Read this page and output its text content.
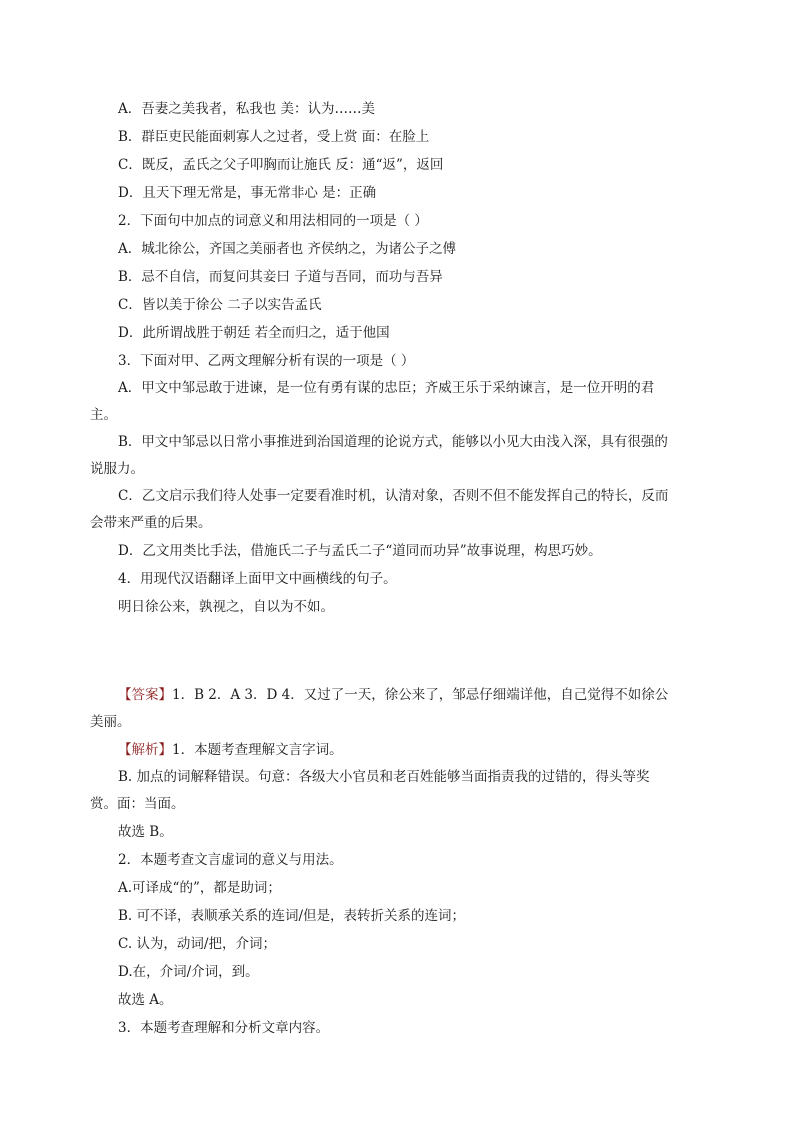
A．吾妻之美我者，私我也 美：认为……美
B．群臣吏民能面刺寡人之过者，受上赏 面：在脸上
C．既反，孟氏之父子叩胸而让施氏 反：通“返”，返回
D．且天下理无常是，事无常非心 是：正确
2．下面句中加点的词意义和用法相同的一项是（ ）
A．城北徐公，齐国之美丽者也 齐侯纳之，为诸公子之傅
B．忌不自信，而复问其妾曰 子道与吾同，而功与吾异
C．皆以美于徐公 二子以实告孟氏
D．此所谓战胜于朝廷 若全而归之，适于他国
3．下面对甲、乙两文理解分析有误的一项是（ ）
A．甲文中邹忌敢于进谏，是一位有勇有谋的忠臣；齐威王乐于采纳谏言，是一位开明的君主。
B．甲文中邹忌以日常小事推进到治国道理的论说方式，能够以小见大由浅入深，具有很强的说服力。
C．乙文启示我们待人处事一定要看准时机，认清对象，否则不但不能发挥自己的特长，反而会带来严重的后果。
D．乙文用类比手法，借施氏二子与孟氏二子“道同而功异”故事说理，构思巧妙。
4．用现代汉语翻译上面甲文中画横线的句子。
明日徐公来，孰视之，自以为不如。
【答案】1．B 2．A 3．D 4．又过了一天，徐公来了，邹忌仔细端详他，自己觉得不如徐公美丽。
【解析】1．本题考查理解文言字词。
B. 加点的词解释错误。句意：各级大小官员和老百姓能够当面指责我的过错的，得头等奖赏。面：当面。
故选 B。
2．本题考查文言虚词的意义与用法。
A.可译成“的”，都是助词；
B. 可不译，表顺承关系的连词/但是，表转折关系的连词；
C. 认为，动词/把，介词；
D.在，介词/介词，到。
故选 A。
3．本题考查理解和分析文章内容。
